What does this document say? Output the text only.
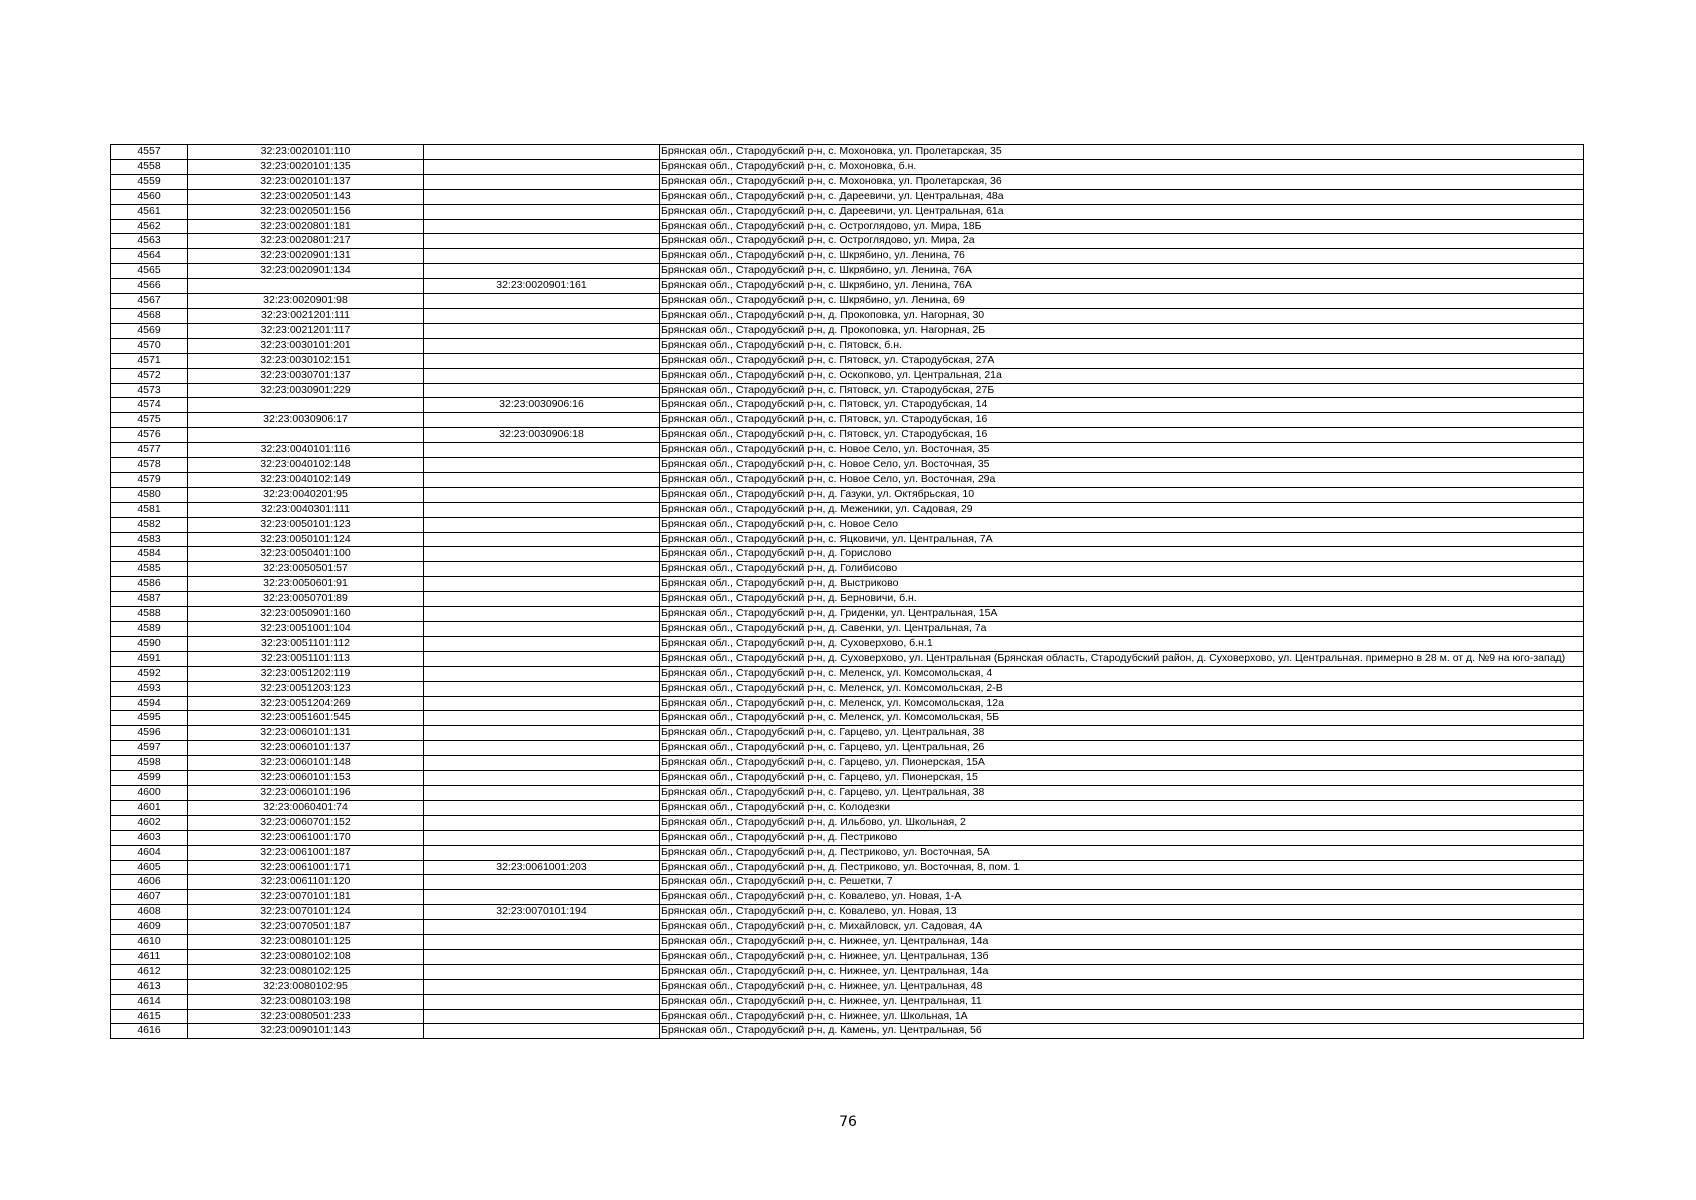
4557	32:23:0020101:110		Брянская обл., Стародубский р-н, с. Мохоновка, ул. Пролетарская, 35
4558	32:23:0020101:135		Брянская обл., Стародубский р-н, с. Мохоновка, б.н.
4559	32:23:0020101:137		Брянская обл., Стародубский р-н, с. Мохоновка, ул. Пролетарская, 36
4560	32:23:0020501:143		Брянская обл., Стародубский р-н, с. Дареевичи, ул. Центральная, 48а
4561	32:23:0020501:156		Брянская обл., Стародубский р-н, с. Дареевичи, ул. Центральная, 61а
4562	32:23:0020801:181		Брянская обл., Стародубский р-н, с. Остроглядово, ул. Мира, 18Б
4563	32:23:0020801:217		Брянская обл., Стародубский р-н, с. Остроглядово, ул. Мира, 2а
4564	32:23:0020901:131		Брянская обл., Стародубский р-н, с. Шкрябино, ул. Ленина, 76
4565	32:23:0020901:134		Брянская обл., Стародубский р-н, с. Шкрябино, ул. Ленина, 76А
4566		32:23:0020901:161	Брянская обл., Стародубский р-н, с. Шкрябино, ул. Ленина, 76А
4567	32:23:0020901:98		Брянская обл., Стародубский р-н, с. Шкрябино, ул. Ленина, 69
4568	32:23:0021201:111		Брянская обл., Стародубский р-н, д. Прокоповка, ул. Нагорная, 30
4569	32:23:0021201:117		Брянская обл., Стародубский р-н, д. Прокоповка, ул. Нагорная, 2Б
4570	32:23:0030101:201		Брянская обл., Стародубский р-н, с. Пятовск, б.н.
4571	32:23:0030102:151		Брянская обл., Стародубский р-н, с. Пятовск, ул. Стародубская, 27А
4572	32:23:0030701:137		Брянская обл., Стародубский р-н, с. Оскопково, ул. Центральная, 21а
4573	32:23:0030901:229		Брянская обл., Стародубский р-н, с. Пятовск, ул. Стародубская, 27Б
4574		32:23:0030906:16	Брянская обл., Стародубский р-н, с. Пятовск, ул. Стародубская, 14
4575	32:23:0030906:17		Брянская обл., Стародубский р-н, с. Пятовск, ул. Стародубская, 16
4576		32:23:0030906:18	Брянская обл., Стародубский р-н, с. Пятовск, ул. Стародубская, 16
4577	32:23:0040101:116		Брянская обл., Стародубский р-н, с. Новое Село, ул. Восточная, 35
4578	32:23:0040102:148		Брянская обл., Стародубский р-н, с. Новое Село, ул. Восточная, 35
4579	32:23:0040102:149		Брянская обл., Стародубский р-н, с. Новое Село, ул. Восточная, 29а
4580	32:23:0040201:95		Брянская обл., Стародубский р-н, д. Газуки, ул. Октябрьская, 10
4581	32:23:0040301:111		Брянская обл., Стародубский р-н, д. Меженики, ул. Садовая, 29
4582	32:23:0050101:123		Брянская обл., Стародубский р-н, с. Новое Село
4583	32:23:0050101:124		Брянская обл., Стародубский р-н, с. Яцковичи, ул. Центральная, 7А
4584	32:23:0050401:100		Брянская обл., Стародубский р-н, д. Горислово
4585	32:23:0050501:57		Брянская обл., Стародубский р-н, д. Голибисово
4586	32:23:0050601:91		Брянская обл., Стародубский р-н, д. Выстриково
4587	32:23:0050701:89		Брянская обл., Стародубский р-н, д. Берновичи, б.н.
4588	32:23:0050901:160		Брянская обл., Стародубский р-н, д. Гриденки, ул. Центральная, 15А
4589	32:23:0051001:104		Брянская обл., Стародубский р-н, д. Савенки, ул. Центральная, 7а
4590	32:23:0051101:112		Брянская обл., Стародубский р-н, д. Суховерхово, б.н.1
4591	32:23:0051101:113		Брянская обл., Стародубский р-н, д. Суховерхово, ул. Центральная (Брянская область, Стародубский район, д. Суховерхово, ул. Центральная. примерно в 28 м. от д. №9 на юго-запад)
4592	32:23:0051202:119		Брянская обл., Стародубский р-н, с. Меленск, ул. Комсомольская, 4
4593	32:23:0051203:123		Брянская обл., Стародубский р-н, с. Меленск, ул. Комсомольская, 2-В
4594	32:23:0051204:269		Брянская обл., Стародубский р-н, с. Меленск, ул. Комсомольская, 12а
4595	32:23:0051601:545		Брянская обл., Стародубский р-н, с. Меленск, ул. Комсомольская, 5Б
4596	32:23:0060101:131		Брянская обл., Стародубский р-н, с. Гарцево, ул. Центральная, 38
4597	32:23:0060101:137		Брянская обл., Стародубский р-н, с. Гарцево, ул. Центральная, 26
4598	32:23:0060101:148		Брянская обл., Стародубский р-н, с. Гарцево, ул. Пионерская, 15А
4599	32:23:0060101:153		Брянская обл., Стародубский р-н, с. Гарцево, ул. Пионерская, 15
4600	32:23:0060101:196		Брянская обл., Стародубский р-н, с. Гарцево, ул. Центральная, 38
4601	32:23:0060401:74		Брянская обл., Стародубский р-н, с. Колодезки
4602	32:23:0060701:152		Брянская обл., Стародубский р-н, д. Ильбово, ул. Школьная, 2
4603	32:23:0061001:170		Брянская обл., Стародубский р-н, д. Пестриково
4604	32:23:0061001:187		Брянская обл., Стародубский р-н, д. Пестриково, ул. Восточная, 5А
4605	32:23:0061001:171	32:23:0061001:203	Брянская обл., Стародубский р-н, д. Пестриково, ул. Восточная, 8, пом. 1
4606	32:23:0061101:120		Брянская обл., Стародубский р-н, с. Решетки, 7
4607	32:23:0070101:181		Брянская обл., Стародубский р-н, с. Ковалево, ул. Новая, 1-А
4608	32:23:0070101:124	32:23:0070101:194	Брянская обл., Стародубский р-н, с. Ковалево, ул. Новая, 13
4609	32:23:0070501:187		Брянская обл., Стародубский р-н, с. Михайловск, ул. Садовая, 4А
4610	32:23:0080101:125		Брянская обл., Стародубский р-н, с. Нижнее, ул. Центральная, 14а
4611	32:23:0080102:108		Брянская обл., Стародубский р-н, с. Нижнее, ул. Центральная, 13б
4612	32:23:0080102:125		Брянская обл., Стародубский р-н, с. Нижнее, ул. Центральная, 14а
4613	32:23:0080102:95		Брянская обл., Стародубский р-н, с. Нижнее, ул. Центральная, 48
4614	32:23:0080103:198		Брянская обл., Стародубский р-н, с. Нижнее, ул. Центральная, 11
4615	32:23:0080501:233		Брянская обл., Стародубский р-н, с. Нижнее, ул. Школьная, 1А
4616	32:23:0090101:143		Брянская обл., Стародубский р-н, д. Камень, ул. Центральная, 56
76
